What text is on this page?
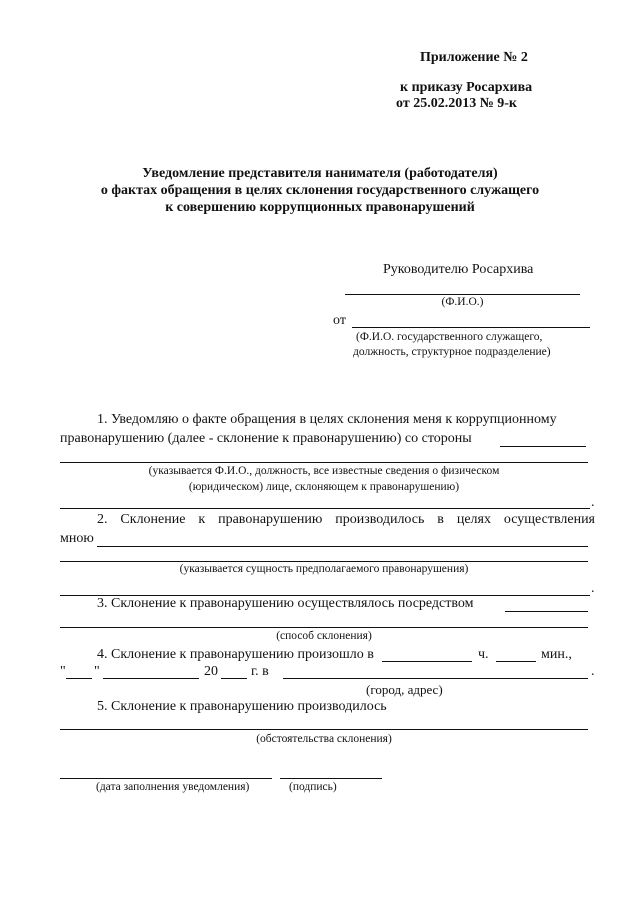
Приложение № 2
к приказу Росархива
от 25.02.2013 № 9-к
Уведомление представителя нанимателя (работодателя)
о фактах обращения в целях склонения государственного служащего
к совершению коррупционных правонарушений
Руководителю Росархива
(Ф.И.О.)
от
(Ф.И.О. государственного служащего,
должность, структурное подразделение)
1. Уведомляю о факте обращения в целях склонения меня к коррупционному
правонарушению (далее - склонение к правонарушению) со стороны
(указывается Ф.И.О., должность, все известные сведения о физическом
(юридическом) лице, склоняющем к правонарушению)
.
2. Склонение к правонарушению производилось в целях осуществления
мною
(указывается сущность предполагаемого правонарушения)
.
3. Склонение к правонарушению осуществлялось посредством
(способ склонения)
4. Склонение к правонарушению произошло в	ч.	мин.,
" "	20 г. в	.
(город, адрес)
5. Склонение к правонарушению производилось
(обстоятельства склонения)
(дата заполнения уведомления)	(подпись)
